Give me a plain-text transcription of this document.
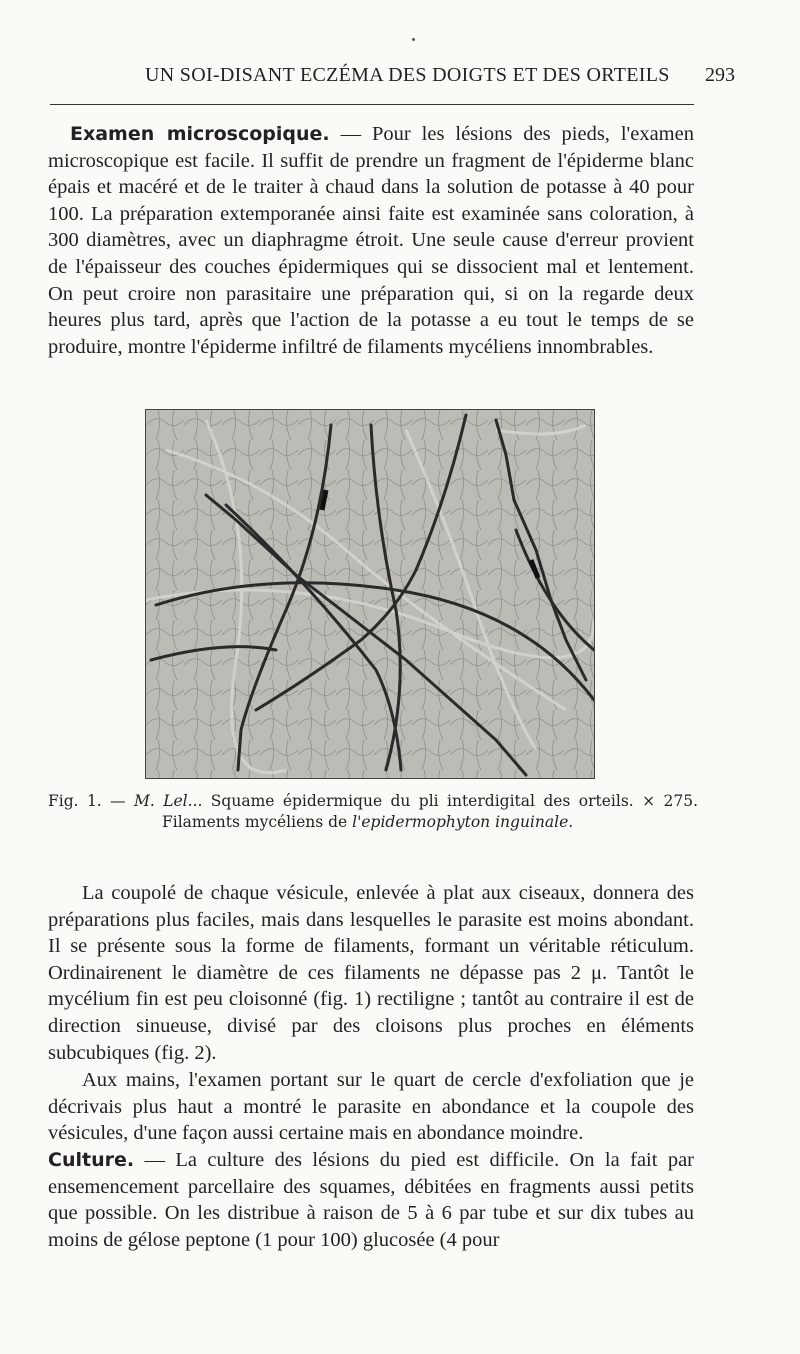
UN SOI-DISANT ECZÉMA DES DOIGTS ET DES ORTEILS 293
Examen microscopique. — Pour les lésions des pieds, l'examen microscopique est facile. Il suffit de prendre un fragment de l'épiderme blanc épais et macéré et de le traiter à chaud dans la solution de potasse à 40 pour 100. La préparation extemporanée ainsi faite est examinée sans coloration, à 300 diamètres, avec un diaphragme étroit. Une seule cause d'erreur provient de l'épaisseur des couches épidermiques qui se dissocient mal et lentement. On peut croire non parasitaire une préparation qui, si on la regarde deux heures plus tard, après que l'action de la potasse a eu tout le temps de se produire, montre l'épiderme infiltré de filaments mycéliens innombrables.
Fig. 1. — M. Lel... Squame épidermique du pli interdigital des orteils. × 275.
Filaments mycéliens de l'epidermophyton inguinale.
La coupolé de chaque vésicule, enlevée à plat aux ciseaux, donnera des préparations plus faciles, mais dans lesquelles le parasite est moins abondant. Il se présente sous la forme de filaments, formant un véritable réticulum. Ordinairenent le diamètre de ces filaments ne dépasse pas 2 μ. Tantôt le mycélium fin est peu cloisonné (fig. 1) rectiligne ; tantôt au contraire il est de direction sinueuse, divisé par des cloisons plus proches en éléments subcubiques (fig. 2).
Aux mains, l'examen portant sur le quart de cercle d'exfoliation que je décrivais plus haut a montré le parasite en abondance et la coupole des vésicules, d'une façon aussi certaine mais en abondance moindre.
Culture. — La culture des lésions du pied est difficile. On la fait par ensemencement parcellaire des squames, débitées en fragments aussi petits que possible. On les distribue à raison de 5 à 6 par tube et sur dix tubes au moins de gélose peptone (1 pour 100) glucosée (4 pour
